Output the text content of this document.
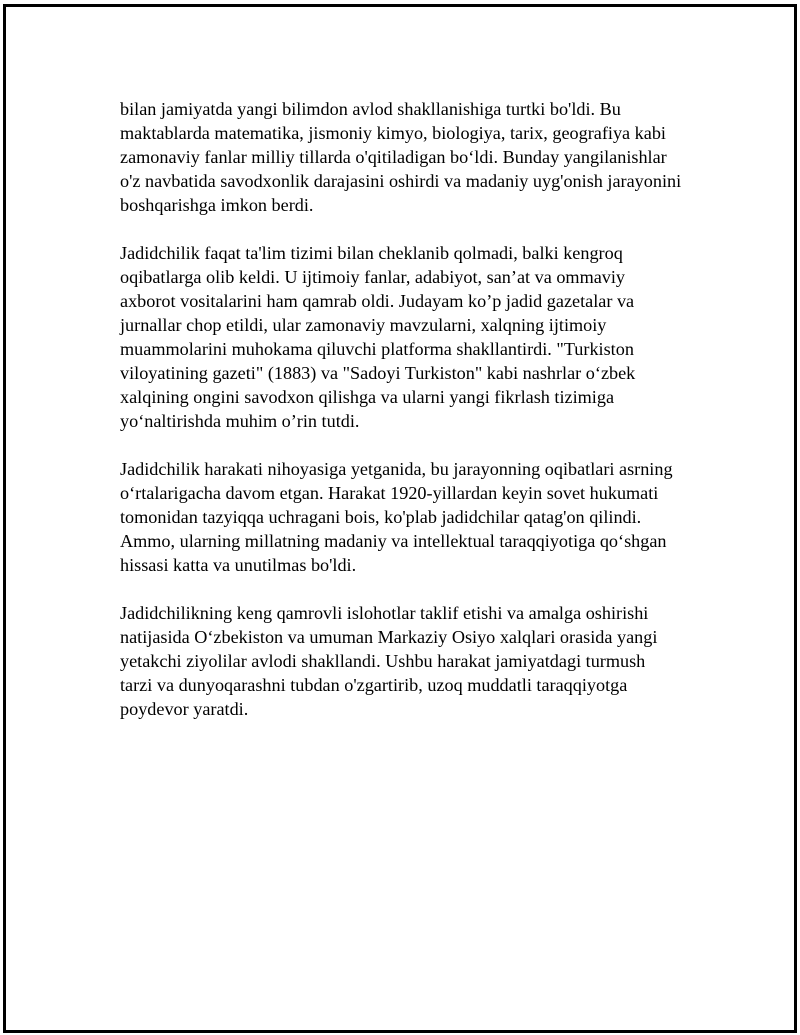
bilan jamiyatda yangi bilimdon avlod shakllanishiga turtki bo'ldi. Bu
maktablarda matematika, jismoniy kimyo, biologiya, tarix, geografiya kabi
zamonaviy fanlar milliy tillarda o'qitiladigan bo‘ldi. Bunday yangilanishlar
o'z navbatida savodxonlik darajasini oshirdi va madaniy uyg'onish jarayonini
boshqarishga imkon berdi.

Jadidchilik faqat ta'lim tizimi bilan cheklanib qolmadi, balki kengroq
oqibatlarga olib keldi. U ijtimoiy fanlar, adabiyot, san’at va ommaviy
axborot vositalarini ham qamrab oldi. Judayam ko’p jadid gazetalar va
jurnallar chop etildi, ular zamonaviy mavzularni, xalqning ijtimoiy
muammolarini muhokama qiluvchi platforma shakllantirdi. "Turkiston
viloyatining gazeti" (1883) va "Sadoyi Turkiston" kabi nashrlar o‘zbek
xalqining ongini savodxon qilishga va ularni yangi fikrlash tizimiga
yo‘naltirishda muhim o’rin tutdi.

Jadidchilik harakati nihoyasiga yetganida, bu jarayonning oqibatlari asrning
o‘rtalarigacha davom etgan. Harakat 1920-yillardan keyin sovet hukumati
tomonidan tazyiqqa uchragani bois, ko'plab jadidchilar qatag'on qilindi.
Ammo, ularning millatning madaniy va intellektual taraqqiyotiga qo‘shgan
hissasi katta va unutilmas bo'ldi.

Jadidchilikning keng qamrovli islohotlar taklif etishi va amalga oshirishi
natijasida O‘zbekiston va umuman Markaziy Osiyo xalqlari orasida yangi
yetakchi ziyolilar avlodi shakllandi. Ushbu harakat jamiyatdagi turmush
tarzi va dunyoqarashni tubdan o'zgartirib, uzoq muddatli taraqqiyotga
poydevor yaratdi.
